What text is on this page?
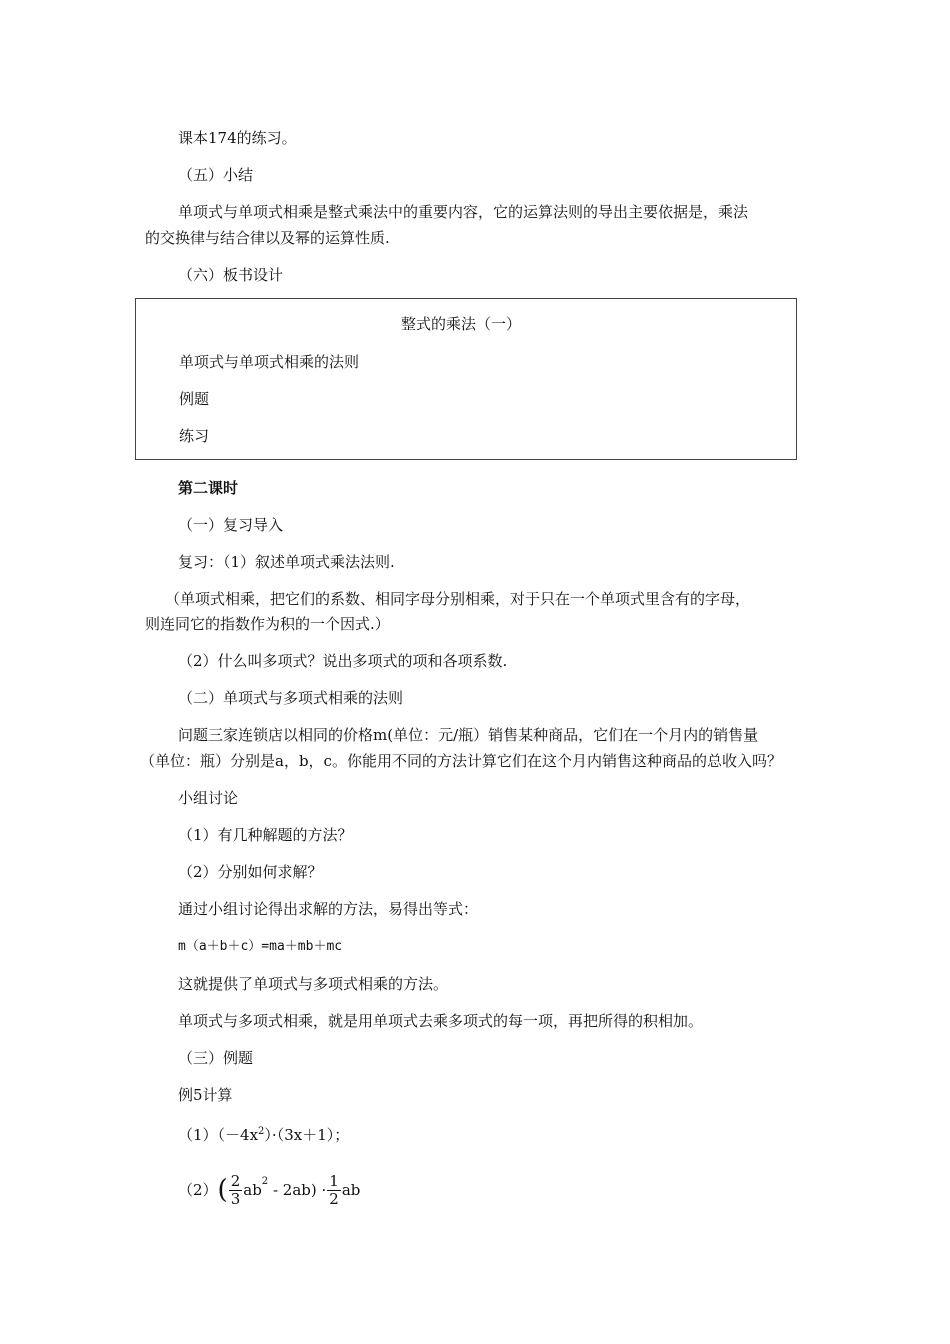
课本174的练习。
（五）小结
单项式与单项式相乘是整式乘法中的重要内容，它的运算法则的导出主要依据是，乘法
的交换律与结合律以及幂的运算性质.
（六）板书设计
整式的乘法（一）
单项式与单项式相乘的法则
例题
练习
第二课时
（一）复习导入
复习：（1）叙述单项式乘法法则.
（单项式相乘，把它们的系数、相同字母分别相乘，对于只在一个单项式里含有的字母，
则连同它的指数作为积的一个因式.）
（2）什么叫多项式？说出多项式的项和各项系数.
（二）单项式与多项式相乘的法则
问题三家连锁店以相同的价格m(单位：元/瓶）销售某种商品，它们在一个月内的销售量
（单位：瓶）分别是a，b，c。你能用不同的方法计算它们在这个月内销售这种商品的总收入吗？
小组讨论
（1）有几种解题的方法？
（2）分别如何求解？
通过小组讨论得出求解的方法，易得出等式：
m（a＋b＋c）=ma＋mb＋mc
这就提供了单项式与多项式相乘的方法。
单项式与多项式相乘，就是用单项式去乘多项式的每一项，再把所得的积相加。
（三）例题
例5计算
$(1)(-4x^2)\cdot(3x+1)$；
$(2)( \frac{2}{3} ab^2 - 2ab) \cdot \frac{1}{2}$ ab
